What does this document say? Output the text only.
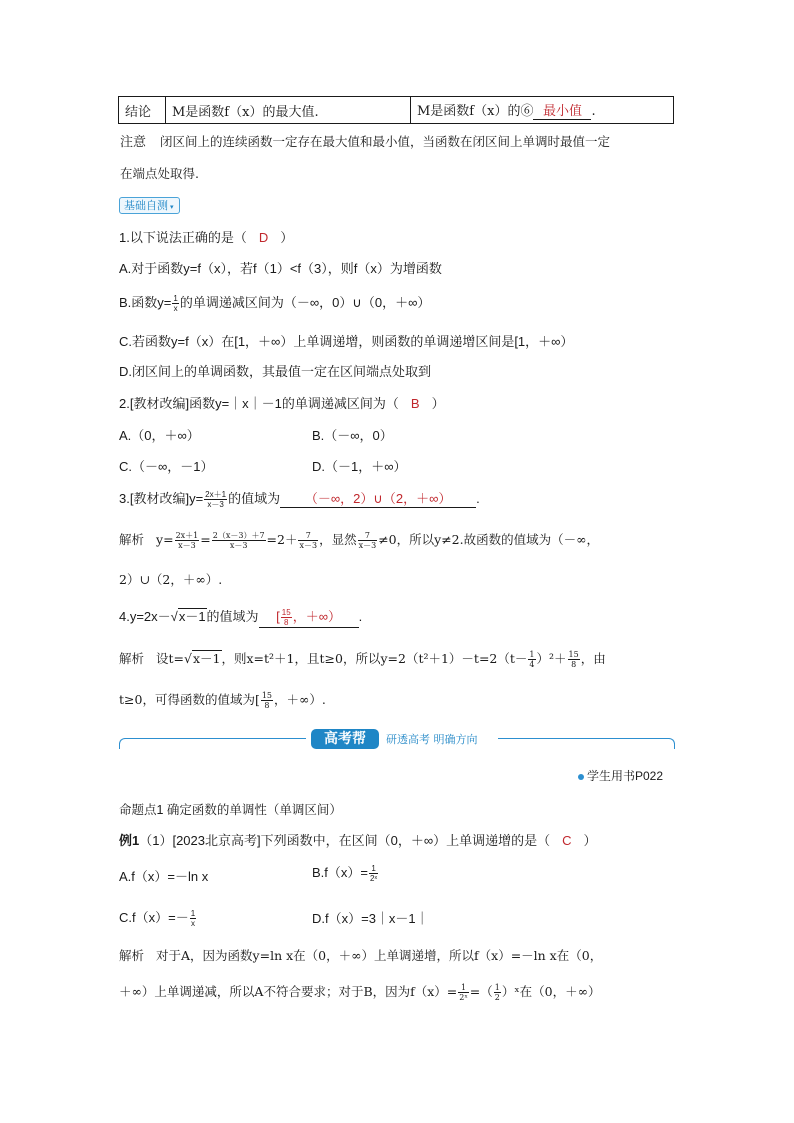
结论	M是函数f（x）的最大值.	M是函数f（x）的⑥ 最小值 .
注意 闭区间上的连续函数一定存在最大值和最小值，当函数在闭区间上单调时最值一定
在端点处取得.
基础自测 ▾
1.以下说法正确的是（ D ）
A.对于函数y=f（x），若f（1）<f（3），则f（x）为增函数
B.函数$y= \frac{1}{x}$ 的单调递减区间为（－∞，0）∪（0，＋∞）
C.若函数y=f（x）在[1，＋∞）上单调递增，则函数的单调递增区间是[1，＋∞）
D.闭区间上的单调函数，其最值一定在区间端点处取到
2.[教材改编]函数y=｜x｜－1的单调递减区间为（ B ）
A.（0，＋∞）	B.（－∞，0）
C.（－∞，－1）	D.（－1，＋∞）
3.[教材改编]$y= \frac{2x+1}{x-3}$ 的值域为 （－∞，2）∪（2，＋∞） .
解析 $y= \frac{2x+1}{x-3} = \frac{2(x-3)+7}{x-3} =2+ \frac{7}{x-3}$ ，显然 $\frac{7}{x-3} \ne 0$，所以y≠2.故函数的值域为（－∞，
2）∪（2，＋∞）.
4.y=2x－√x－1的值域为 [ $\frac{15}{8}$ ，＋∞） .
解析 设t=√x－1，则x=t²＋1，且t≥0，所以$y=2(t^2+1)-t=2(t- \frac{1}{4} )^2+ \frac{15}{8}$ ，由
t≥0，可得函数的值域为[ $\frac{15}{8}$ ，＋∞）.
高考帮	研透高考 明确方向
学生用书P022
命题点1 确定函数的单调性（单调区间）
例1（1）[2023北京高考]下列函数中，在区间（0，＋∞）上单调递增的是（ C ）
A.f（x）=－ln x	$B.f(x)= \frac{1}{\text{2ˣ}}$
$C.f(x)=- \frac{1}{x}$	D.f（x）=3｜x－1｜
解析 对于A，因为函数y=ln x在（0，＋∞）上单调递增，所以f（x）=－ln x在（0，
＋∞）上单调递减，所以A不符合要求；对于B，因为$f(x)= \frac{1}{\text{2ˣ}}$ =（ $\frac{1}{2}$ ）ˣ在（0，＋∞）
